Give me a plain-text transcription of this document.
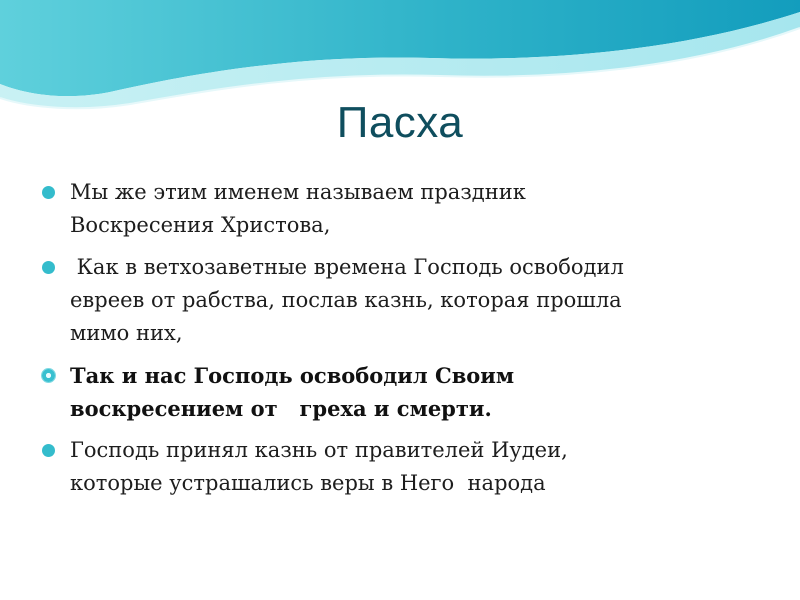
Пасха
Мы же этим именем называем праздник
Воскресения Христова,
Как в ветхозаветные времена Господь освободил
евреев от рабства, послав казнь, которая прошла
мимо них,
Так и нас Господь освободил Своим
воскресением от   греха и смерти.
Господь принял казнь от правителей Иудеи,
которые устрашались веры в Него  народа
